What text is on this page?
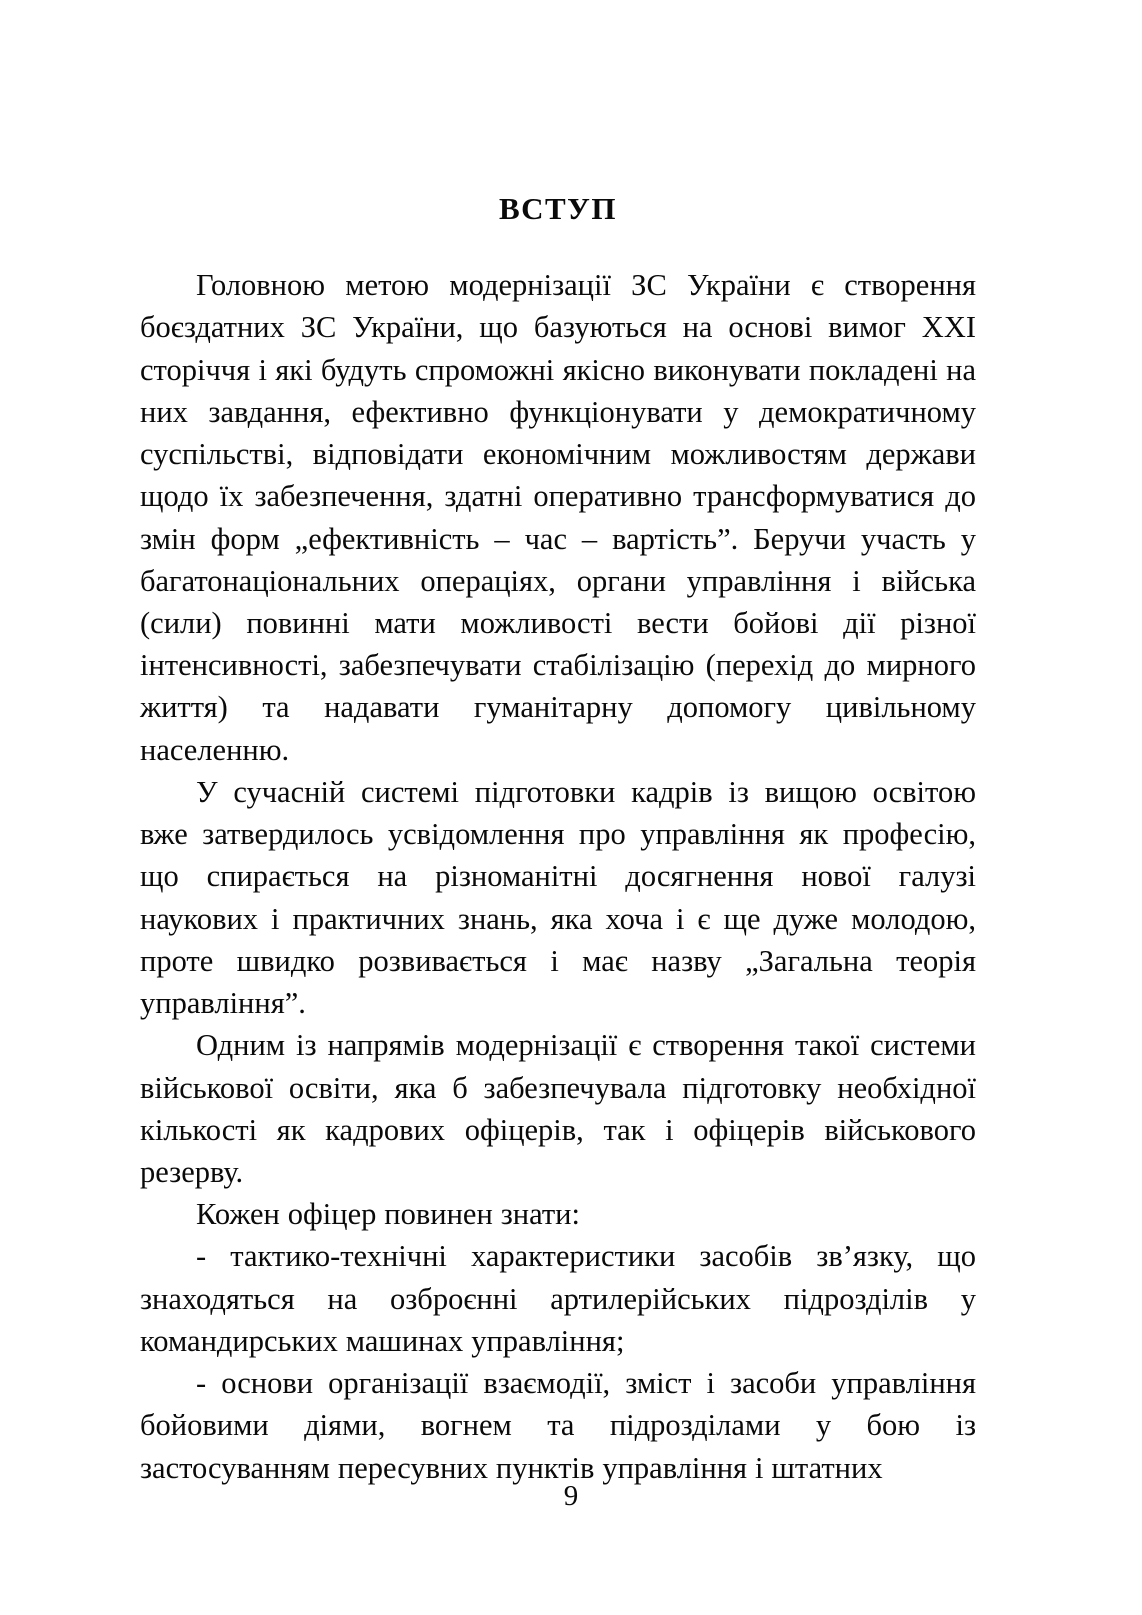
ВСТУП

Головною метою модернізації ЗС України є створення боєздатних ЗС України, що базуються на основі вимог XXI сторіччя і які будуть спроможні якісно виконувати покладені на них завдання, ефективно функціонувати у демократичному суспільстві, відповідати економічним можливостям держави щодо їх забезпечення, здатні оперативно трансформуватися до змін форм „ефективність – час – вартість”. Беручи участь у багатонаціональних операціях, органи управління і війська (сили) повинні мати можливості вести бойові дії різної інтенсивності, забезпечувати стабілізацію (перехід до мирного життя) та надавати гуманітарну допомогу цивільному населенню.

У сучасній системі підготовки кадрів із вищою освітою вже затвердилось усвідомлення про управління як професію, що спирається на різноманітні досягнення нової галузі наукових і практичних знань, яка хоча і є ще дуже молодою, проте швидко розвивається і має назву „Загальна теорія управління”.

Одним із напрямів модернізації є створення такої системи військової освіти, яка б забезпечувала підготовку необхідної кількості як кадрових офіцерів, так і офіцерів військового резерву.

Кожен офіцер повинен знати:

- тактико-технічні характеристики засобів зв’язку, що знаходяться на озброєнні артилерійських підрозділів у командирських машинах управління;

- основи організації взаємодії, зміст і засоби управління бойовими діями, вогнем та підрозділами у бою із застосуванням пересувних пунктів управління і штатних

9
